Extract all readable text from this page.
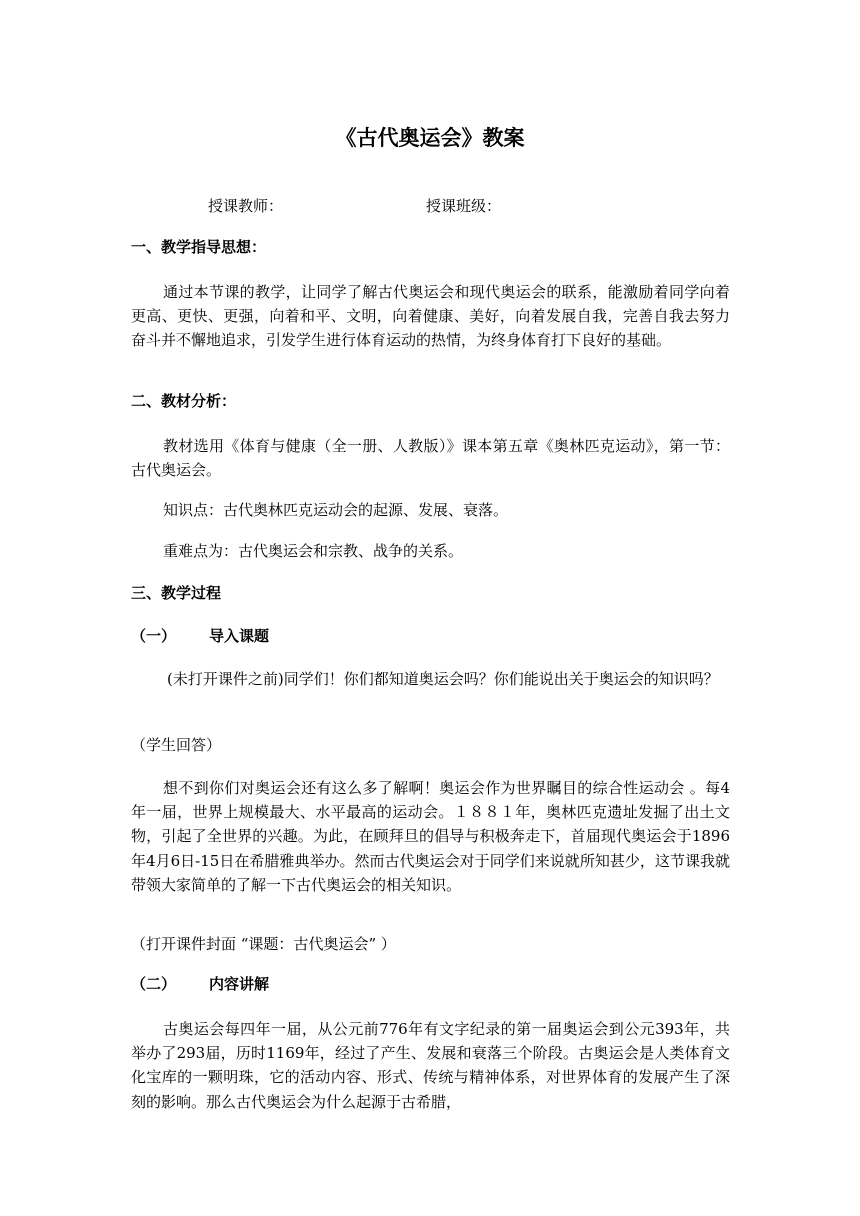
《古代奥运会》教案
授课教师：	授课班级：
一、教学指导思想：

通过本节课的教学，让同学了解古代奥运会和现代奥运会的联系，能激励着同学向着更高、更快、更强，向着和平、文明，向着健康、美好，向着发展自我，完善自我去努力奋斗并不懈地追求，引发学生进行体育运动的热情，为终身体育打下良好的基础。

二、教材分析：

教材选用《体育与健康（全一册、人教版）》课本第五章《奥林匹克运动》，第一节：古代奥运会。

知识点：古代奥林匹克运动会的起源、发展、衰落。

重难点为：古代奥运会和宗教、战争的关系。

三、教学过程
（一） 导入课题

(未打开课件之前)同学们！你们都知道奥运会吗？你们能说出关于奥运会的知识吗？

（学生回答）

想不到你们对奥运会还有这么多了解啊！奥运会作为世界瞩目的综合性运动会 。每4年一届，世界上规模最大、水平最高的运动会。１８８１年，奥林匹克遗址发掘了出土文物，引起了全世界的兴趣。为此，在顾拜旦的倡导与积极奔走下，首届现代奥运会于1896年4月6日-15日在希腊雅典举办。然而古代奥运会对于同学们来说就所知甚少，这节课我就带领大家简单的了解一下古代奥运会的相关知识。

（打开课件封面 “课题：古代奥运会” ）

（二） 内容讲解

古奥运会每四年一届，从公元前776年有文字纪录的第一届奥运会到公元393年，共举办了293届，历时1169年，经过了产生、发展和衰落三个阶段。古奥运会是人类体育文化宝库的一颗明珠，它的活动内容、形式、传统与精神体系，对世界体育的发展产生了深刻的影响。那么古代奥运会为什么起源于古希腊，
